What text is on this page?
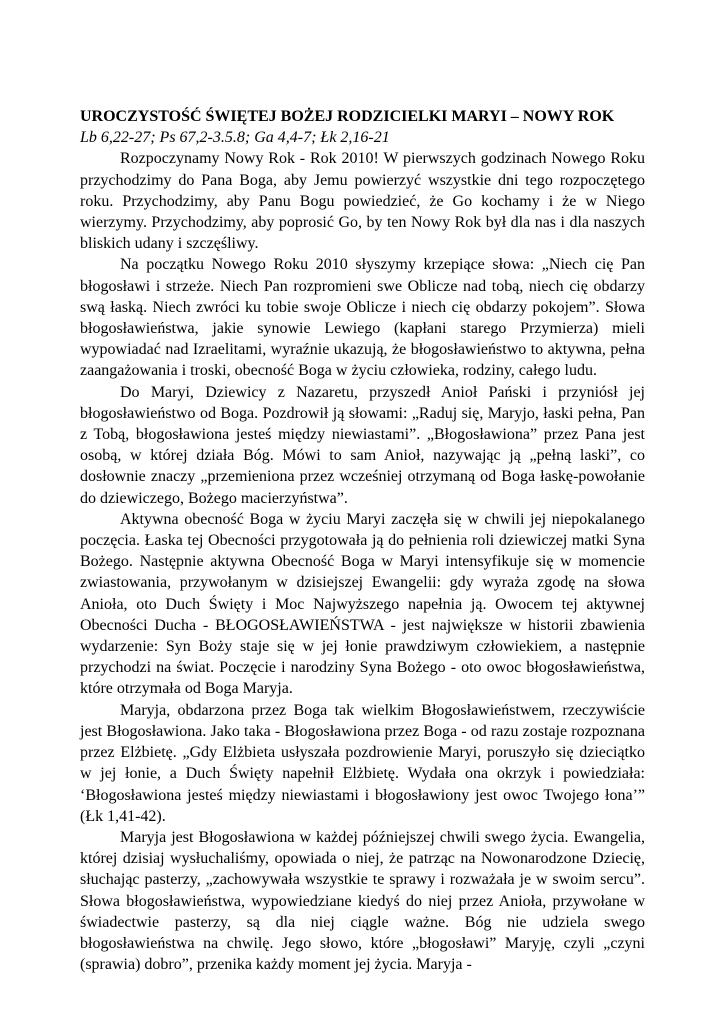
UROCZYSTOŚĆ ŚWIĘTEJ BOŻEJ RODZICIELKI MARYI – NOWY ROK

Lb 6,22-27; Ps 67,2-3.5.8; Ga 4,4-7; Łk 2,16-21

Rozpoczynamy Nowy Rok - Rok 2010! W pierwszych godzinach Nowego Roku przychodzimy do Pana Boga, aby Jemu powierzyć wszystkie dni tego rozpoczętego roku. Przychodzimy, aby Panu Bogu powiedzieć, że Go kochamy i że w Niego wierzymy. Przychodzimy, aby poprosić Go, by ten Nowy Rok był dla nas i dla naszych bliskich udany i szczęśliwy.

Na początku Nowego Roku 2010 słyszymy krzepiące słowa: „Niech cię Pan błogosławi i strzeże. Niech Pan rozpromieni swe Oblicze nad tobą, niech cię obdarzy swą łaską. Niech zwróci ku tobie swoje Oblicze i niech cię obdarzy pokojem”. Słowa błogosławieństwa, jakie synowie Lewiego (kapłani starego Przymierza) mieli wypowiadać nad Izraelitami, wyraźnie ukazują, że błogosławieństwo to aktywna, pełna zaangażowania i troski, obecność Boga w życiu człowieka, rodziny, całego ludu.

Do Maryi, Dziewicy z Nazaretu, przyszedł Anioł Pański i przyniósł jej błogosławieństwo od Boga. Pozdrowił ją słowami: „Raduj się, Maryjo, łaski pełna, Pan z Tobą, błogosławiona jesteś między niewiastami”. „Błogosławiona” przez Pana jest osobą, w której działa Bóg. Mówi to sam Anioł, nazywając ją „pełną laski”, co dosłownie znaczy „przemieniona przez wcześniej otrzymaną od Boga łaskę-powołanie do dziewiczego, Bożego macierzyństwa”.

Aktywna obecność Boga w życiu Maryi zaczęła się w chwili jej niepokalanego poczęcia. Łaska tej Obecności przygotowała ją do pełnienia roli dziewiczej matki Syna Bożego. Następnie aktywna Obecność Boga w Maryi intensyfikuje się w momencie zwiastowania, przywołanym w dzisiejszej Ewangelii: gdy wyraża zgodę na słowa Anioła, oto Duch Święty i Moc Najwyższego napełnia ją. Owocem tej aktywnej Obecności Ducha - BŁOGOSŁAWIEŃSTWA - jest największe w historii zbawienia wydarzenie: Syn Boży staje się w jej łonie prawdziwym człowiekiem, a następnie przychodzi na świat. Poczęcie i narodziny Syna Bożego - oto owoc błogosławieństwa, które otrzymała od Boga Maryja.

Maryja, obdarzona przez Boga tak wielkim Błogosławieństwem, rzeczywiście jest Błogosławiona. Jako taka - Błogosławiona przez Boga - od razu zostaje rozpoznana przez Elżbietę. „Gdy Elżbieta usłyszała pozdrowienie Maryi, poruszyło się dzieciątko w jej łonie, a Duch Święty napełnił Elżbietę. Wydała ona okrzyk i powiedziała: ‘Błogosławiona jesteś między niewiastami i błogosławiony jest owoc Twojego łona’” (Łk 1,41-42).

Maryja jest Błogosławiona w każdej późniejszej chwili swego życia. Ewangelia, której dzisiaj wysłuchaliśmy, opowiada o niej, że patrząc na Nowonarodzone Dziecię, słuchając pasterzy, „zachowywała wszystkie te sprawy i rozważała je w swoim sercu”. Słowa błogosławieństwa, wypowiedziane kiedyś do niej przez Anioła, przywołane w świadectwie pasterzy, są dla niej ciągle ważne. Bóg nie udziela swego błogosławieństwa na chwilę. Jego słowo, które „błogosławi” Maryję, czyli „czyni (sprawia) dobro”, przenika każdy moment jej życia. Maryja -
